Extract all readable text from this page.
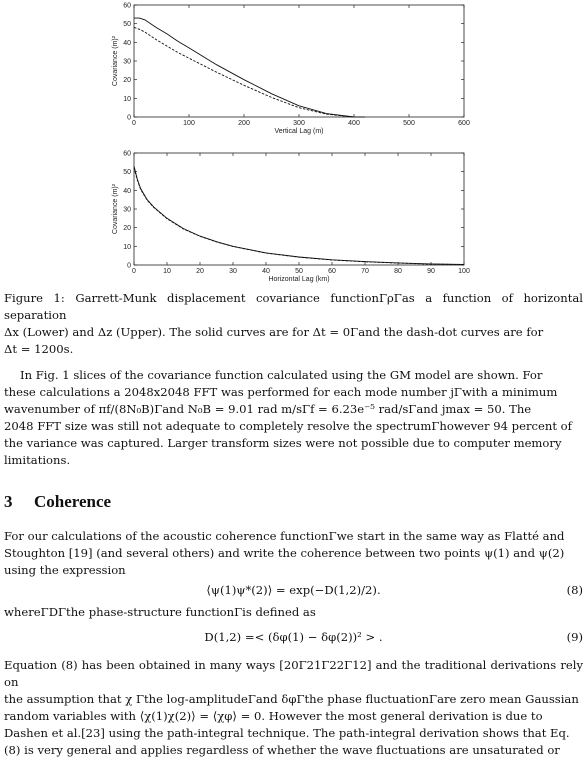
0	100	200	300	400	500	600
0
10
20
30
40
50
60
Vertical Lag (m)
Covariance (m)²
0	10	20	30	40	50	60	70	80	90	100
0
10
20
30
40
50
60
Horizontal Lag (km)
Covariance (m)²
Figure 1: Garrett-Munk displacement covariance functionΓρΓas a function of horizontal separation
Δx (Lower) and Δz (Upper). The solid curves are for Δt = 0Γand the dash-dot curves are for
Δt = 1200s.
In Fig. 1 slices of the covariance function calculated using the GM model are shown. For
these calculations a 2048x2048 FFT was performed for each mode number jΓwith a minimum
wavenumber of πf/(8N₀B)Γand N₀B = 9.01 rad m/sΓf = 6.23e⁻⁵ rad/sΓand jmax = 50. The
2048 FFT size was still not adequate to completely resolve the spectrumΓhowever 94 percent of
the variance was captured. Larger transform sizes were not possible due to computer memory
limitations.
3 Coherence
For our calculations of the acoustic coherence functionΓwe start in the same way as Flatté and
Stoughton [19] (and several others) and write the coherence between two points ψ(1) and ψ(2)
using the expression
⟨ψ(1)ψ*(2)⟩ = exp(−D(1,2)/2).	(8)
whereΓDΓthe phase-structure functionΓis defined as
D(1,2) =< (δφ(1) − δφ(2))² > .	(9)
Equation (8) has been obtained in many ways [20Γ21Γ22Γ12] and the traditional derivations rely on
the assumption that χ Γthe log-amplitudeΓand δφΓthe phase fluctuationΓare zero mean Gaussian
random variables with ⟨χ(1)χ(2)⟩ = ⟨χφ⟩ = 0. However the most general derivation is due to
Dashen et al.[23] using the path-integral technique. The path-integral derivation shows that Eq.
(8) is very general and applies regardless of whether the wave fluctuations are unsaturated or
